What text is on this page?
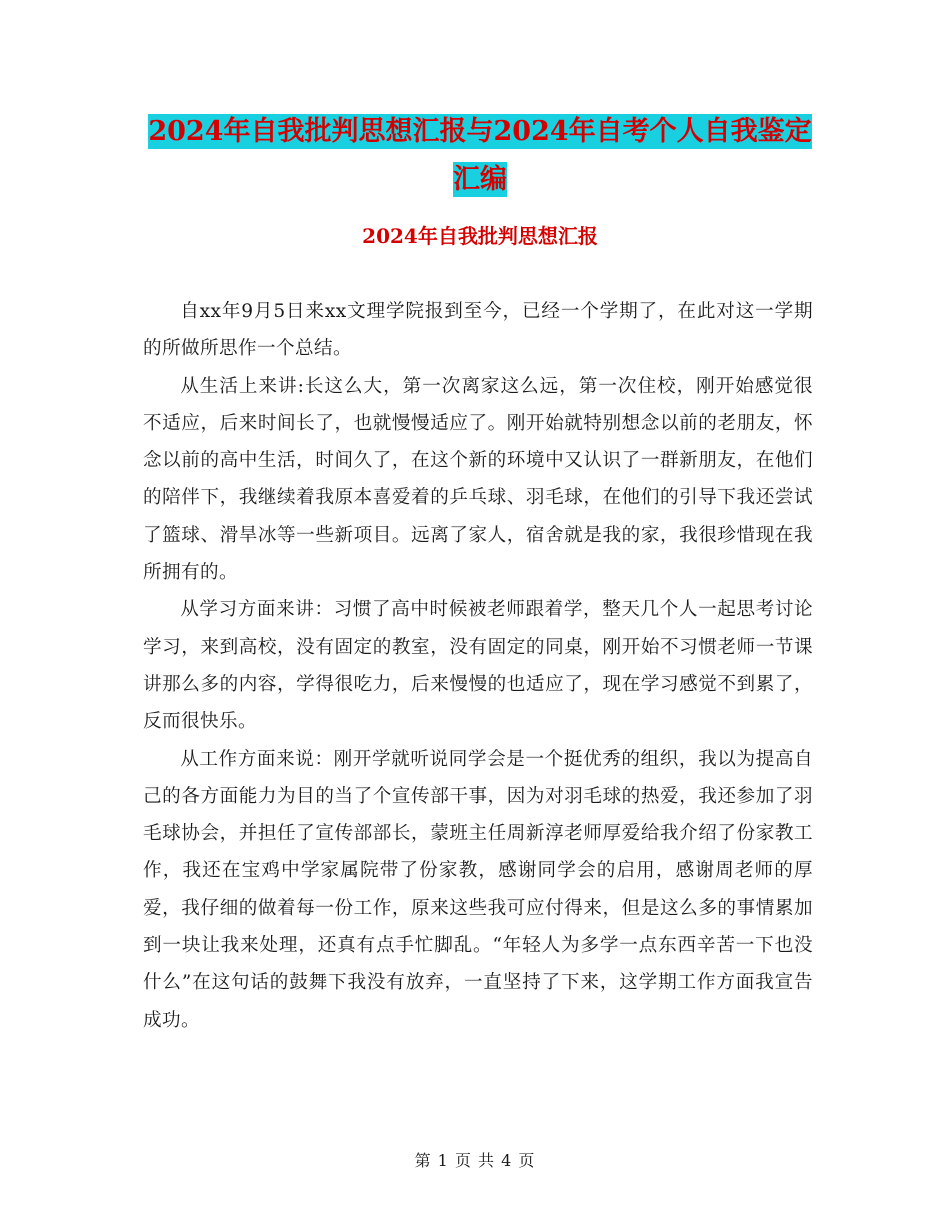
2024年自我批判思想汇报与2024年自考个人自我鉴定汇编
2024年自我批判思想汇报

自xx年9月5日来xx文理学院报到至今，已经一个学期了，在此对这一学期的所做所思作一个总结。

从生活上来讲:长这么大，第一次离家这么远，第一次住校，刚开始感觉很不适应，后来时间长了，也就慢慢适应了。刚开始就特别想念以前的老朋友，怀念以前的高中生活，时间久了，在这个新的环境中又认识了一群新朋友，在他们的陪伴下，我继续着我原本喜爱着的乒乓球、羽毛球，在他们的引导下我还尝试了篮球、滑旱冰等一些新项目。远离了家人，宿舍就是我的家，我很珍惜现在我所拥有的。

从学习方面来讲：习惯了高中时候被老师跟着学，整天几个人一起思考讨论学习，来到高校，没有固定的教室，没有固定的同桌，刚开始不习惯老师一节课讲那么多的内容，学得很吃力，后来慢慢的也适应了，现在学习感觉不到累了，反而很快乐。

从工作方面来说：刚开学就听说同学会是一个挺优秀的组织，我以为提高自己的各方面能力为目的当了个宣传部干事，因为对羽毛球的热爱，我还参加了羽毛球协会，并担任了宣传部部长，蒙班主任周新淳老师厚爱给我介绍了份家教工作，我还在宝鸡中学家属院带了份家教，感谢同学会的启用，感谢周老师的厚爱，我仔细的做着每一份工作，原来这些我可应付得来，但是这么多的事情累加到一块让我来处理，还真有点手忙脚乱。“年轻人为多学一点东西辛苦一下也没什么”在这句话的鼓舞下我没有放弃，一直坚持了下来，这学期工作方面我宣告成功。

第 1 页 共 4 页
